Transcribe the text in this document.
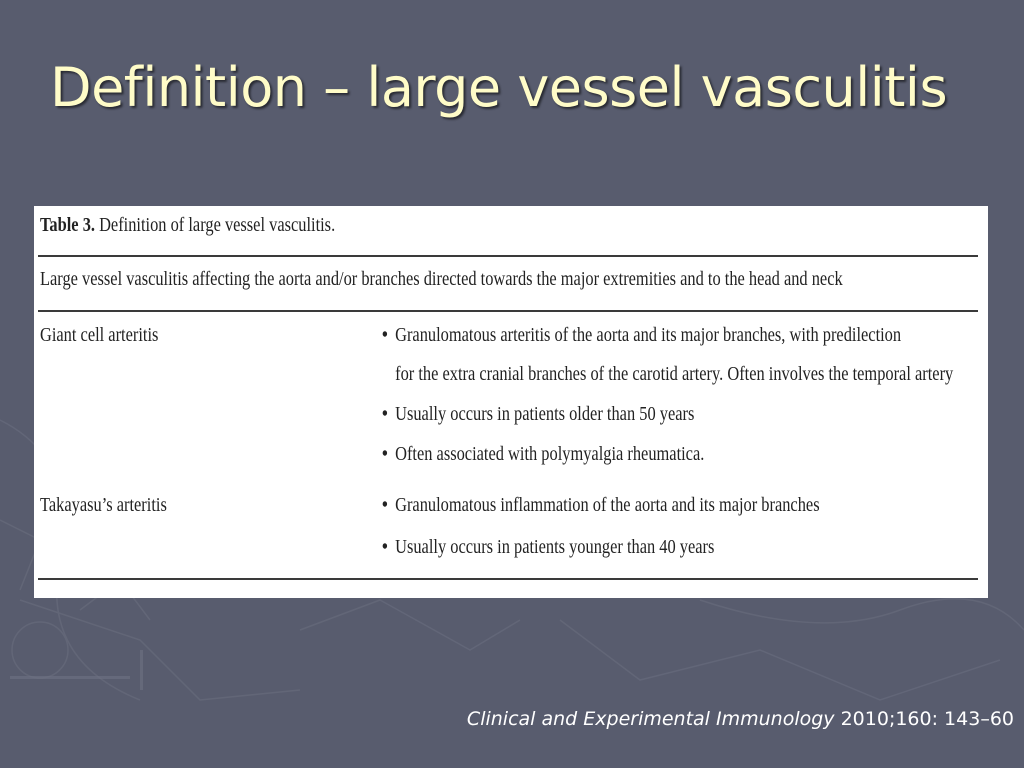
Definition – large vessel vasculitis
Table 3. Definition of large vessel vasculitis.
Large vessel vasculitis affecting the aorta and/or branches directed towards the major extremities and to the head and neck
Giant cell arteritis	• Granulomatous arteritis of the aorta and its major branches, with predilection
for the extra cranial branches of the carotid artery. Often involves the temporal artery
• Usually occurs in patients older than 50 years
• Often associated with polymyalgia rheumatica.
Takayasu’s arteritis	• Granulomatous inflammation of the aorta and its major branches
• Usually occurs in patients younger than 40 years
Clinical and Experimental Immunology 2010;160: 143–60
